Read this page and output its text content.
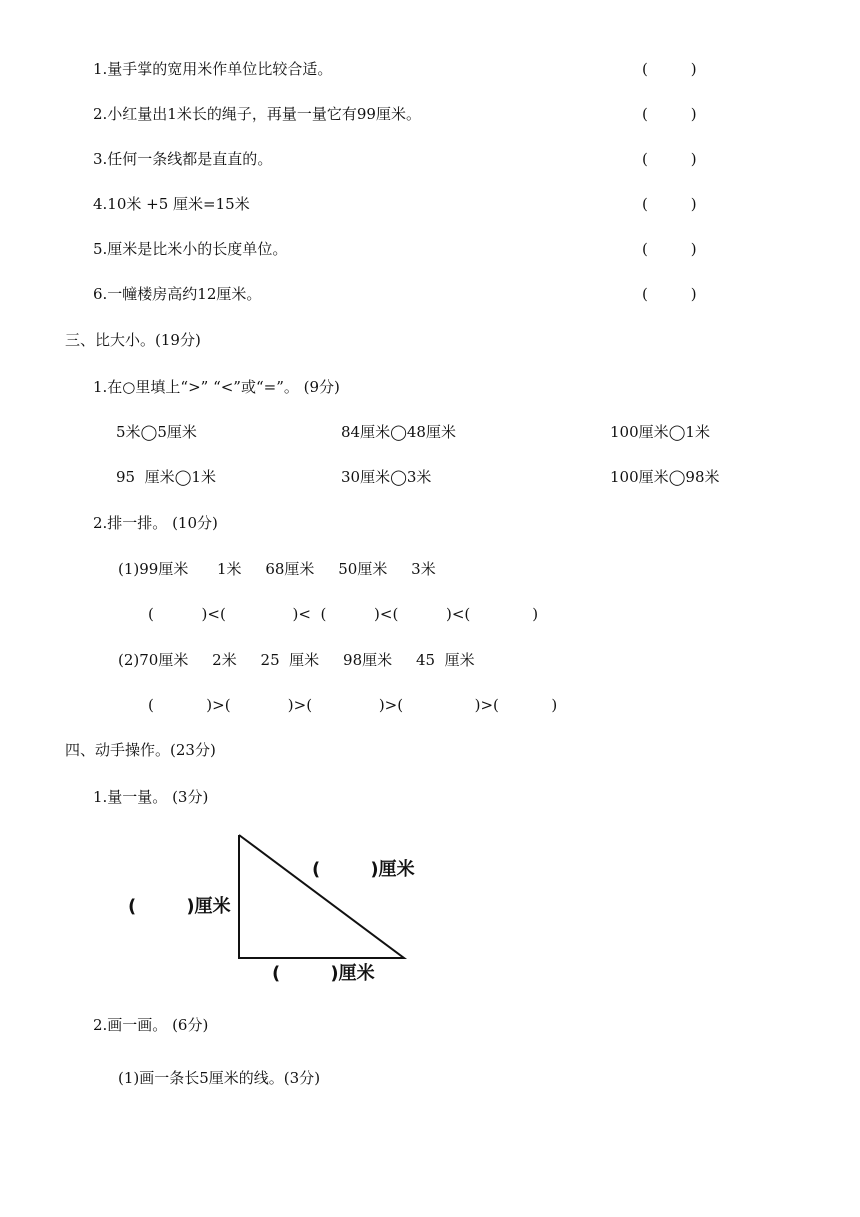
1.量手掌的宽用米作单位比较合适。	(         )
2.小红量出1米长的绳子，再量一量它有99厘米。	(         )
3.任何一条线都是直直的。	(         )
4.10米 +5 厘米=15米	(         )
5.厘米是比米小的长度单位。	(         )
6.一幢楼房高约12厘米。	(         )
三、比大小。(19分)
1.在○里填上“>” “<”或“=”。 (9分)
5米◯5厘米	84厘米◯48厘米	100厘米◯1米
95  厘米◯1米	30厘米◯3米	100厘米◯98米
2.排一排。 (10分)
(1)99厘米      1米     68厘米     50厘米     3米
(          )<(              )<  (          )<(          )<(             )
(2)70厘米     2米     25  厘米     98厘米     45  厘米
(           )>(            )>(              )>(               )>(           )
四、动手操作。(23分)
1.量一量。 (3分)
(        )厘米
(        )厘米
(        )厘米
2.画一画。 (6分)
(1)画一条长5厘米的线。(3分)
